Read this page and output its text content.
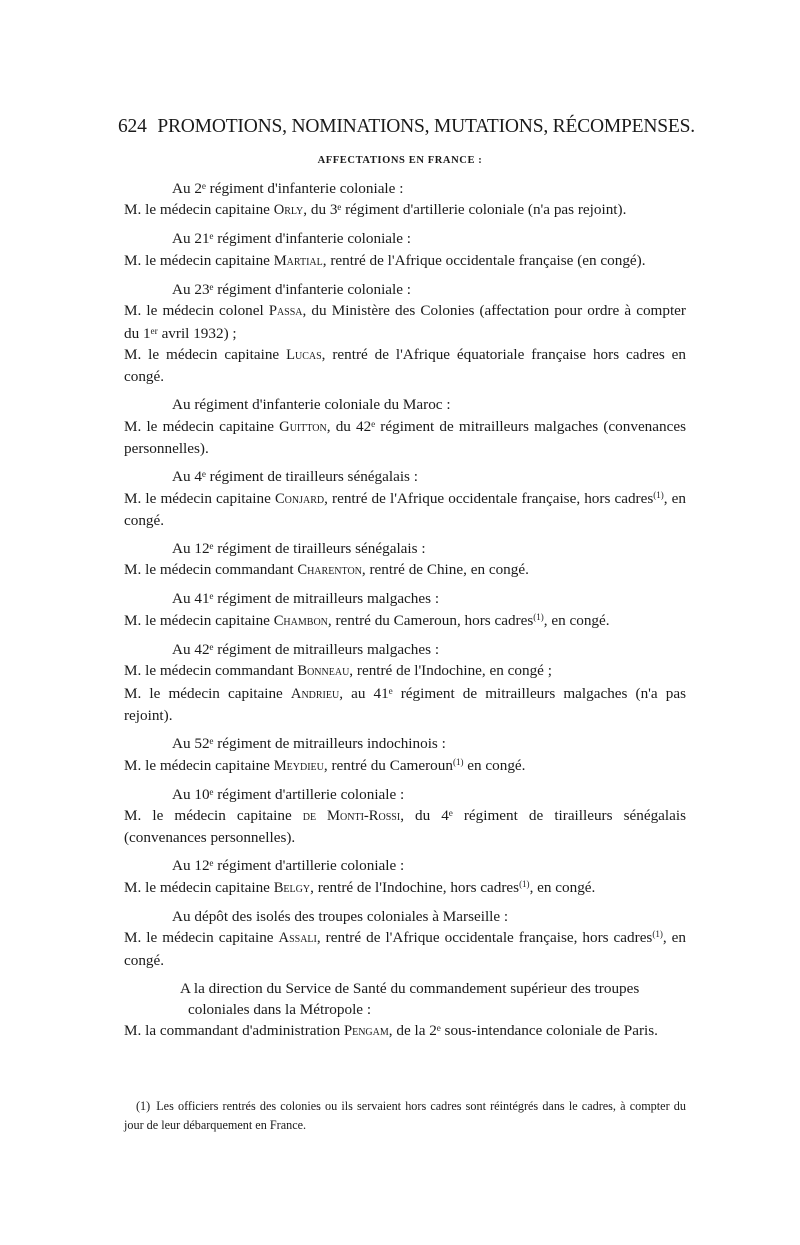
624 PROMOTIONS, NOMINATIONS, MUTATIONS, RÉCOMPENSES.
AFFECTATIONS EN FRANCE :

Au 2ᵉ régiment d'infanterie coloniale :

M. le médecin capitaine Orly, du 3ᵉ régiment d'artillerie coloniale (n'a pas rejoint).

Au 21ᵉ régiment d'infanterie coloniale :

M. le médecin capitaine Martial, rentré de l'Afrique occidentale française (en congé).

Au 23ᵉ régiment d'infanterie coloniale :

M. le médecin colonel Passa, du Ministère des Colonies (affectation pour ordre à compter du 1ᵉʳ avril 1932) ;

M. le médecin capitaine Lucas, rentré de l'Afrique équatoriale française hors cadres en congé.

Au régiment d'infanterie coloniale du Maroc :

M. le médecin capitaine Guitton, du 42ᵉ régiment de mitrailleurs malgaches (convenances personnelles).

Au 4ᵉ régiment de tirailleurs sénégalais :

M. le médecin capitaine Conjard, rentré de l'Afrique occidentale française, hors cadres$^{(1)}$, en congé.

Au 12ᵉ régiment de tirailleurs sénégalais :

M. le médecin commandant Charenton, rentré de Chine, en congé.

Au 41ᵉ régiment de mitrailleurs malgaches :

M. le médecin capitaine Chambon, rentré du Cameroun, hors cadres$^{(1)}$, en congé.

Au 42ᵉ régiment de mitrailleurs malgaches :

M. le médecin commandant Bonneau, rentré de l'Indochine, en congé ;

M. le médecin capitaine Andrieu, au 41ᵉ régiment de mitrailleurs malgaches (n'a pas rejoint).

Au 52ᵉ régiment de mitrailleurs indochinois :

M. le médecin capitaine Meydieu, rentré du Cameroun$^{(1)}$ en congé.

Au 10ᵉ régiment d'artillerie coloniale :

M. le médecin capitaine de Monti-Rossi, du 4ᵉ régiment de tirailleurs sénégalais (convenances personnelles).

Au 12ᵉ régiment d'artillerie coloniale :

M. le médecin capitaine Belgy, rentré de l'Indochine, hors cadres$^{(1)}$, en congé.

Au dépôt des isolés des troupes coloniales à Marseille :

M. le médecin capitaine Assali, rentré de l'Afrique occidentale française, hors cadres$^{(1)}$, en congé.

A la direction du Service de Santé du commandement supérieur des troupes coloniales dans la Métropole :

M. la commandant d'administration Pengam, de la 2ᵉ sous-intendance coloniale de Paris.

(1) Les officiers rentrés des colonies ou ils servaient hors cadres sont réintégrés dans le cadres, à compter du jour de leur débarquement en France.
